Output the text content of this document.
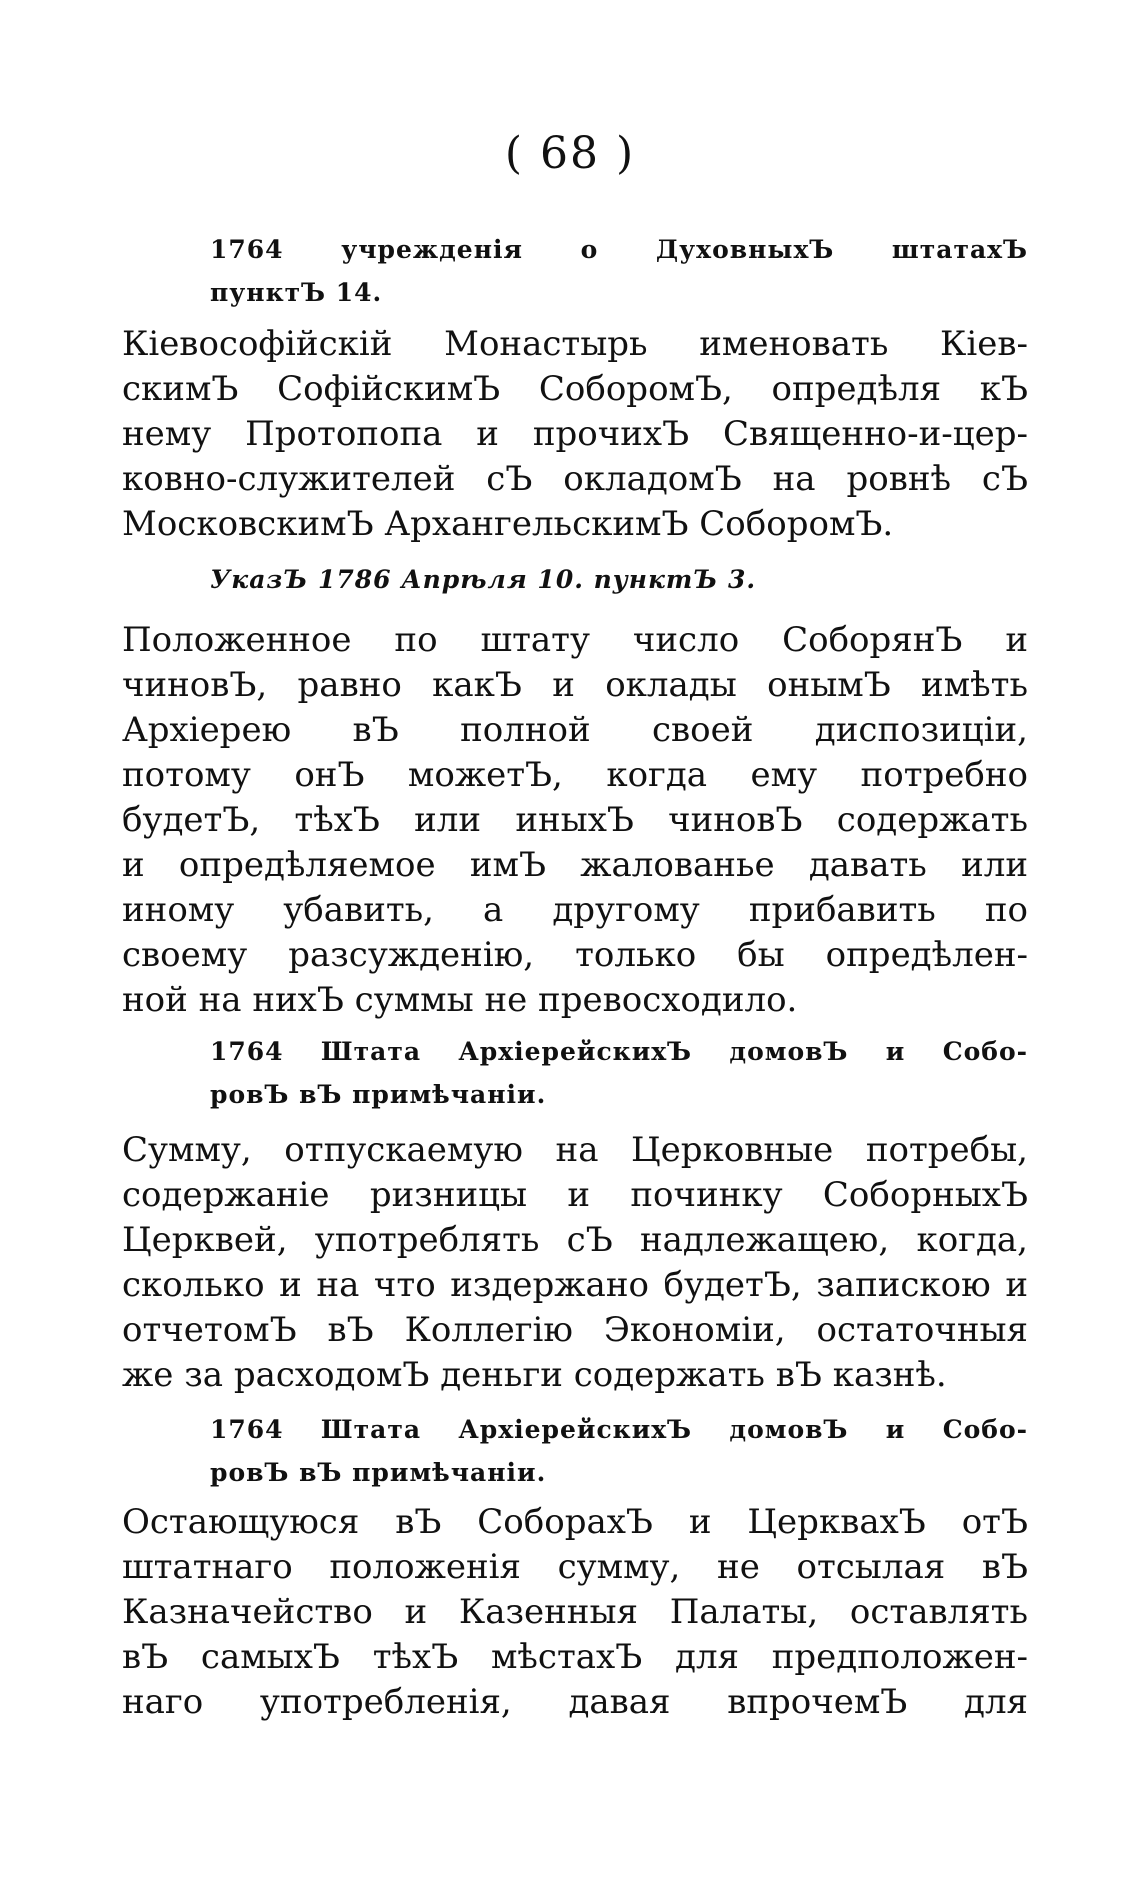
( 68 )
1764 учрежденія о ДуховныхЪ штатахЪ
пунктЪ 14.
Кіевософійскій Монастырь именовать Кіев-
скимЪ СофійскимЪ СоборомЪ, опредѣля кЪ
нему Протопопа и прочихЪ Священно-и-цер-
ковно-служителей сЪ окладомЪ на ровнѣ сЪ
МосковскимЪ АрхангельскимЪ СоборомЪ.
УказЪ 1786 Апрѣля 10. пунктЪ 3.
Положенное по штату число СоборянЪ и
чиновЪ, равно какЪ и оклады онымЪ имѣть
Архіерею вЪ полной своей диспозиціи,
потому онЪ можетЪ, когда ему потребно
будетЪ, тѣхЪ или иныхЪ чиновЪ содержать
и опредѣляемое имЪ жалованье давать или
иному убавить, а другому прибавить по
своему разсужденію, только бы опредѣлен-
ной на нихЪ суммы не превосходило.
1764 Штата АрхіерейскихЪ домовЪ и Собо-
ровЪ вЪ примѣчаніи.
Сумму, отпускаемую на Церковные потребы,
содержаніе ризницы и починку СоборныхЪ
Церквей, употреблять сЪ надлежащею, когда,
сколько и на что издержано будетЪ, запискою и
отчетомЪ вЪ Коллегію Экономіи, остаточныя
же за расходомЪ деньги содержать вЪ казнѣ.
1764 Штата АрхіерейскихЪ домовЪ и Собо-
ровЪ вЪ примѣчаніи.
Остающуюся вЪ СоборахЪ и ЦерквахЪ отЪ
штатнаго положенія сумму, не отсылая вЪ
Казначейство и Казенныя Палаты, оставлять
вЪ самыхЪ тѣхЪ мѣстахЪ для предположен-
наго употребленія, давая впрочемЪ для
